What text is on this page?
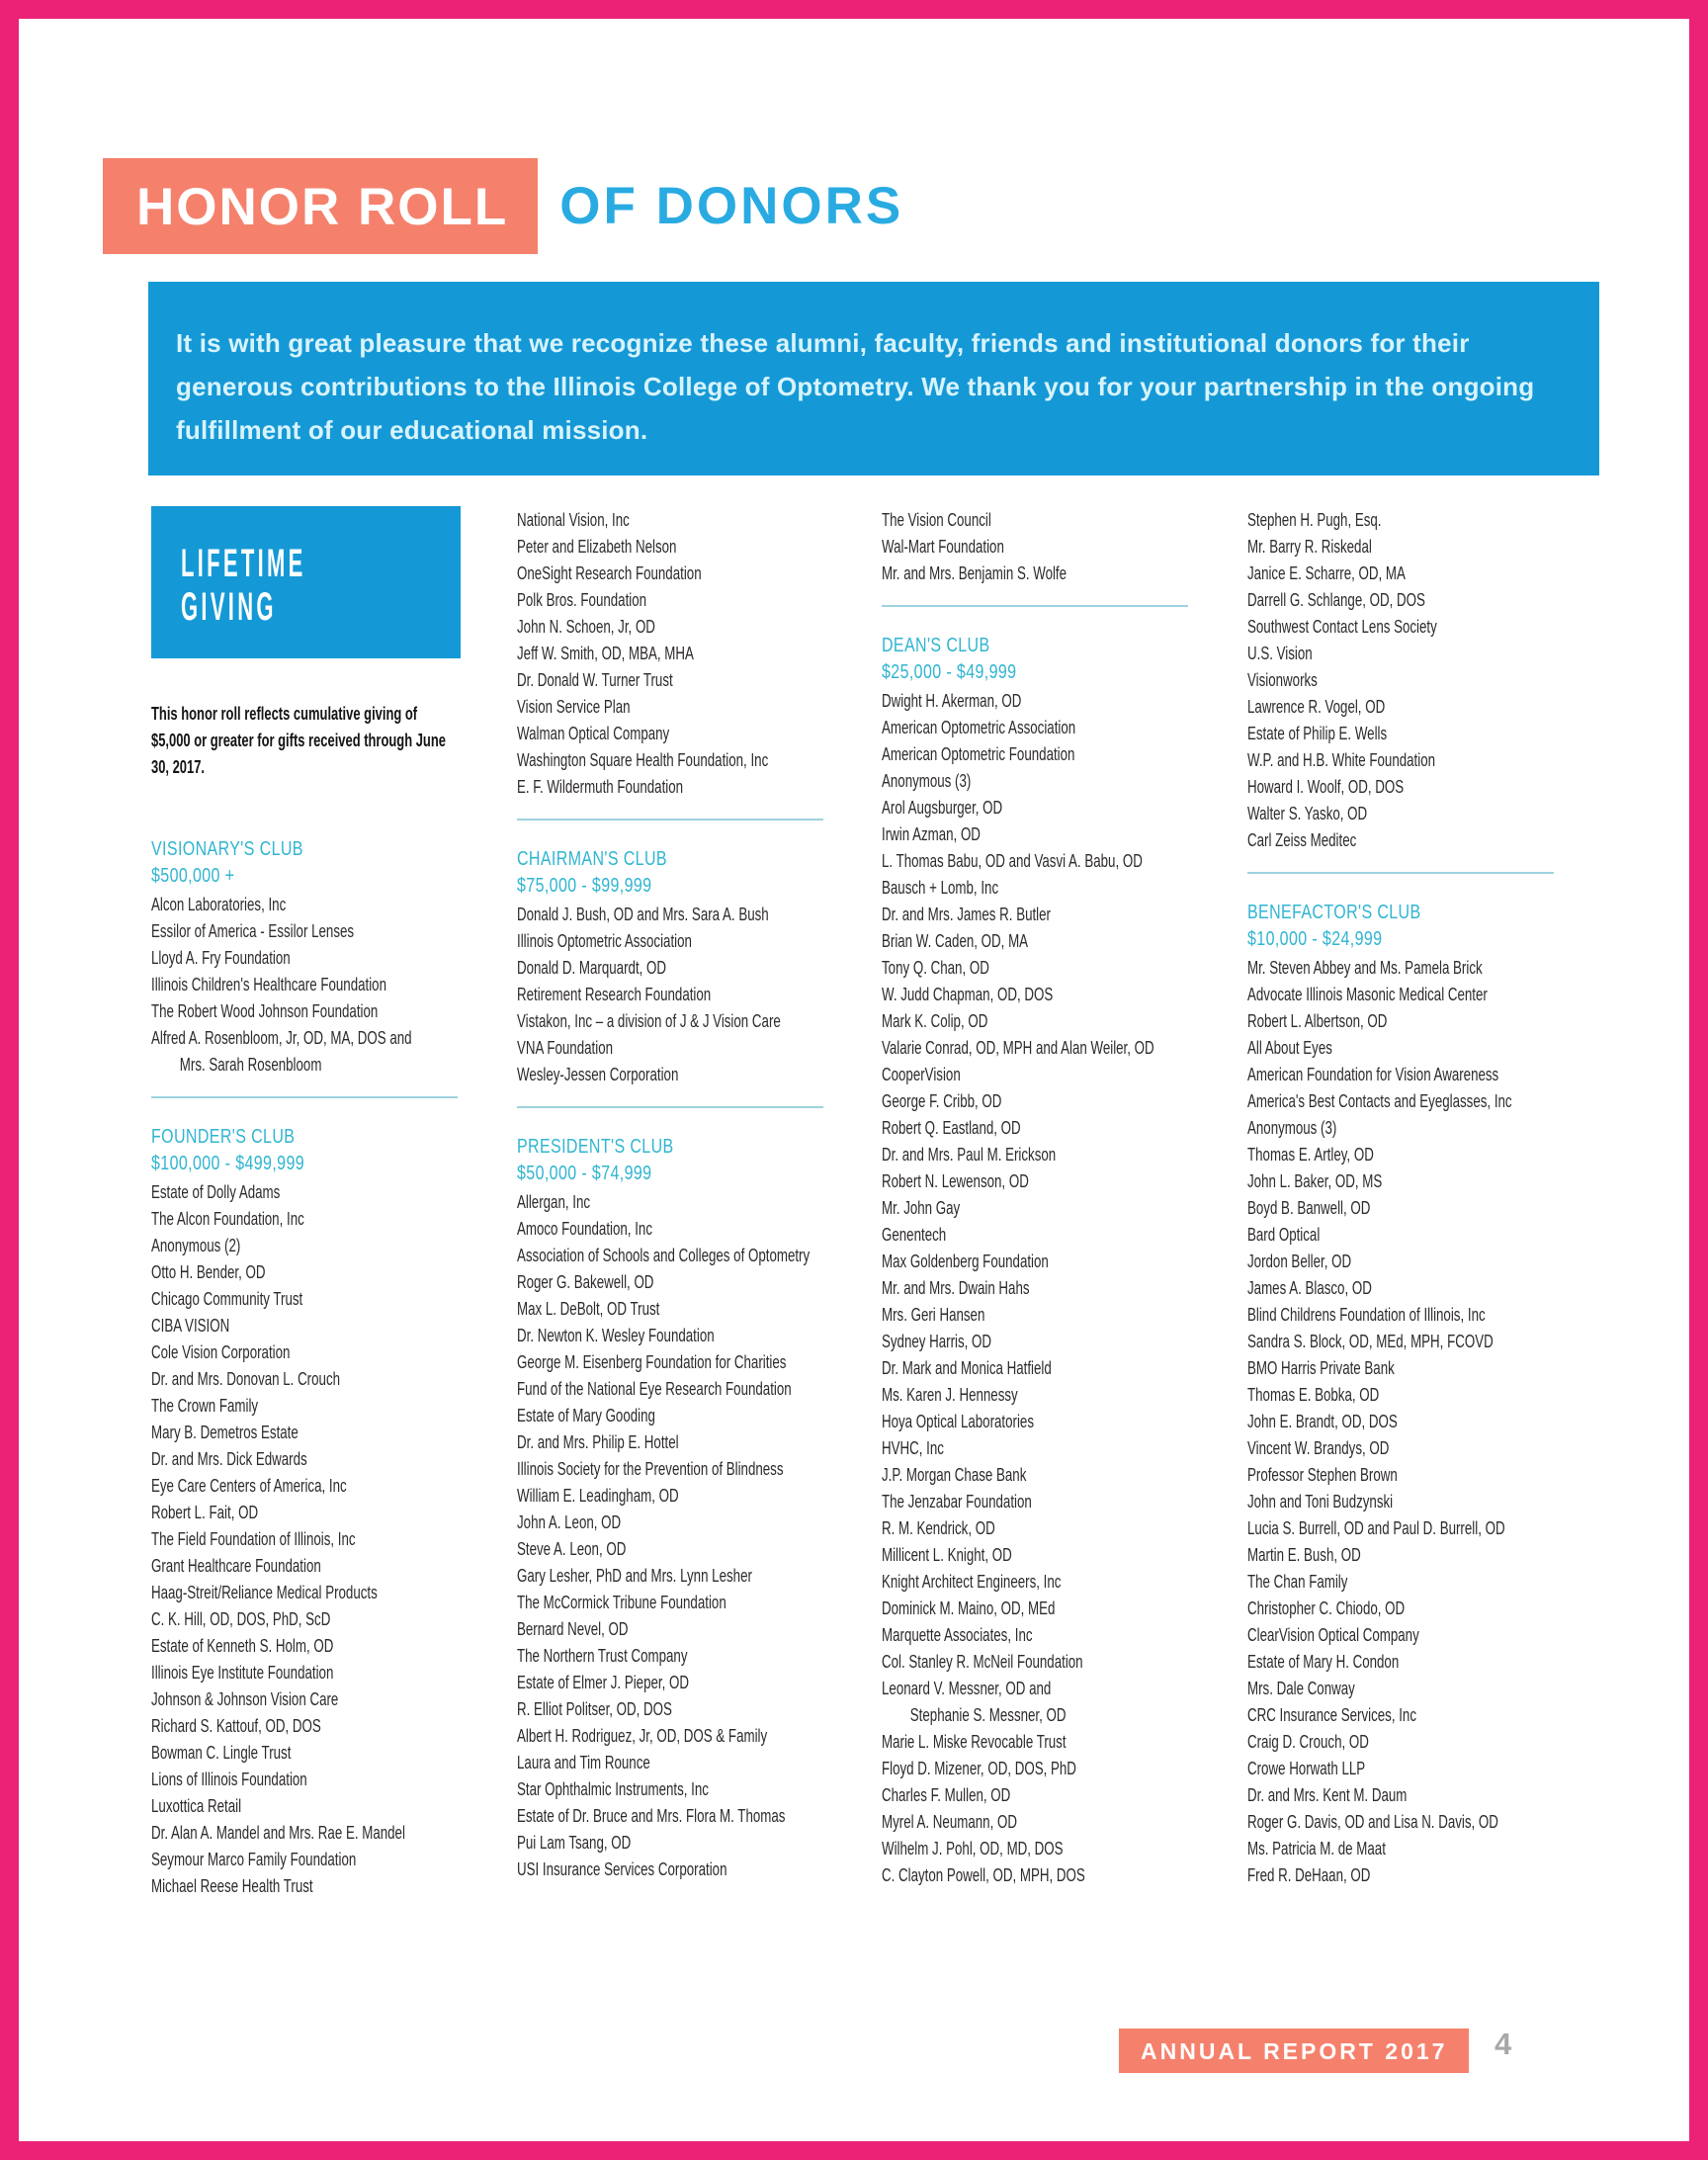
HONOR ROLL OF DONORS
It is with great pleasure that we recognize these alumni, faculty, friends and institutional donors for their generous contributions to the Illinois College of Optometry. We thank you for your partnership in the ongoing fulfillment of our educational mission.
LIFETIME
GIVING
This honor roll reflects cumulative giving of $5,000 or greater for gifts received through June 30, 2017.
VISIONARY'S CLUB
$500,000 +
Alcon Laboratories, Inc
Essilor of America - Essilor Lenses
Lloyd A. Fry Foundation
Illinois Children's Healthcare Foundation
The Robert Wood Johnson Foundation
Alfred A. Rosenbloom, Jr, OD, MA, DOS and
Mrs. Sarah Rosenbloom
FOUNDER'S CLUB
$100,000 - $499,999
Estate of Dolly Adams
The Alcon Foundation, Inc
Anonymous (2)
Otto H. Bender, OD
Chicago Community Trust
CIBA VISION
Cole Vision Corporation
Dr. and Mrs. Donovan L. Crouch
The Crown Family
Mary B. Demetros Estate
Dr. and Mrs. Dick Edwards
Eye Care Centers of America, Inc
Robert L. Fait, OD
The Field Foundation of Illinois, Inc
Grant Healthcare Foundation
Haag-Streit/Reliance Medical Products
C. K. Hill, OD, DOS, PhD, ScD
Estate of Kenneth S. Holm, OD
Illinois Eye Institute Foundation
Johnson & Johnson Vision Care
Richard S. Kattouf, OD, DOS
Bowman C. Lingle Trust
Lions of Illinois Foundation
Luxottica Retail
Dr. Alan A. Mandel and Mrs. Rae E. Mandel
Seymour Marco Family Foundation
Michael Reese Health Trust
National Vision, Inc
Peter and Elizabeth Nelson
OneSight Research Foundation
Polk Bros. Foundation
John N. Schoen, Jr, OD
Jeff W. Smith, OD, MBA, MHA
Dr. Donald W. Turner Trust
Vision Service Plan
Walman Optical Company
Washington Square Health Foundation, Inc
E. F. Wildermuth Foundation
CHAIRMAN'S CLUB
$75,000 - $99,999
Donald J. Bush, OD and Mrs. Sara A. Bush
Illinois Optometric Association
Donald D. Marquardt, OD
Retirement Research Foundation
Vistakon, Inc – a division of J & J Vision Care
VNA Foundation
Wesley-Jessen Corporation
PRESIDENT'S CLUB
$50,000 - $74,999
Allergan, Inc
Amoco Foundation, Inc
Association of Schools and Colleges of Optometry
Roger G. Bakewell, OD
Max L. DeBolt, OD Trust
Dr. Newton K. Wesley Foundation
George M. Eisenberg Foundation for Charities
Fund of the National Eye Research Foundation
Estate of Mary Gooding
Dr. and Mrs. Philip E. Hottel
Illinois Society for the Prevention of Blindness
William E. Leadingham, OD
John A. Leon, OD
Steve A. Leon, OD
Gary Lesher, PhD and Mrs. Lynn Lesher
The McCormick Tribune Foundation
Bernard Nevel, OD
The Northern Trust Company
Estate of Elmer J. Pieper, OD
R. Elliot Politser, OD, DOS
Albert H. Rodriguez, Jr, OD, DOS & Family
Laura and Tim Rounce
Star Ophthalmic Instruments, Inc
Estate of Dr. Bruce and Mrs. Flora M. Thomas
Pui Lam Tsang, OD
USI Insurance Services Corporation
The Vision Council
Wal-Mart Foundation
Mr. and Mrs. Benjamin S. Wolfe
DEAN'S CLUB
$25,000 - $49,999
Dwight H. Akerman, OD
American Optometric Association
American Optometric Foundation
Anonymous (3)
Arol Augsburger, OD
Irwin Azman, OD
L. Thomas Babu, OD and Vasvi A. Babu, OD
Bausch + Lomb, Inc
Dr. and Mrs. James R. Butler
Brian W. Caden, OD, MA
Tony Q. Chan, OD
W. Judd Chapman, OD, DOS
Mark K. Colip, OD
Valarie Conrad, OD, MPH and Alan Weiler, OD
CooperVision
George F. Cribb, OD
Robert Q. Eastland, OD
Dr. and Mrs. Paul M. Erickson
Robert N. Lewenson, OD
Mr. John Gay
Genentech
Max Goldenberg Foundation
Mr. and Mrs. Dwain Hahs
Mrs. Geri Hansen
Sydney Harris, OD
Dr. Mark and Monica Hatfield
Ms. Karen J. Hennessy
Hoya Optical Laboratories
HVHC, Inc
J.P. Morgan Chase Bank
The Jenzabar Foundation
R. M. Kendrick, OD
Millicent L. Knight, OD
Knight Architect Engineers, Inc
Dominick M. Maino, OD, MEd
Marquette Associates, Inc
Col. Stanley R. McNeil Foundation
Leonard V. Messner, OD and
Stephanie S. Messner, OD
Marie L. Miske Revocable Trust
Floyd D. Mizener, OD, DOS, PhD
Charles F. Mullen, OD
Myrel A. Neumann, OD
Wilhelm J. Pohl, OD, MD, DOS
C. Clayton Powell, OD, MPH, DOS
Stephen H. Pugh, Esq.
Mr. Barry R. Riskedal
Janice E. Scharre, OD, MA
Darrell G. Schlange, OD, DOS
Southwest Contact Lens Society
U.S. Vision
Visionworks
Lawrence R. Vogel, OD
Estate of Philip E. Wells
W.P. and H.B. White Foundation
Howard I. Woolf, OD, DOS
Walter S. Yasko, OD
Carl Zeiss Meditec
BENEFACTOR'S CLUB
$10,000 - $24,999
Mr. Steven Abbey and Ms. Pamela Brick
Advocate Illinois Masonic Medical Center
Robert L. Albertson, OD
All About Eyes
American Foundation for Vision Awareness
America's Best Contacts and Eyeglasses, Inc
Anonymous (3)
Thomas E. Artley, OD
John L. Baker, OD, MS
Boyd B. Banwell, OD
Bard Optical
Jordon Beller, OD
James A. Blasco, OD
Blind Childrens Foundation of Illinois, Inc
Sandra S. Block, OD, MEd, MPH, FCOVD
BMO Harris Private Bank
Thomas E. Bobka, OD
John E. Brandt, OD, DOS
Vincent W. Brandys, OD
Professor Stephen Brown
John and Toni Budzynski
Lucia S. Burrell, OD and Paul D. Burrell, OD
Martin E. Bush, OD
The Chan Family
Christopher C. Chiodo, OD
ClearVision Optical Company
Estate of Mary H. Condon
Mrs. Dale Conway
CRC Insurance Services, Inc
Craig D. Crouch, OD
Crowe Horwath LLP
Dr. and Mrs. Kent M. Daum
Roger G. Davis, OD and Lisa N. Davis, OD
Ms. Patricia M. de Maat
Fred R. DeHaan, OD
ANNUAL REPORT 2017	4
